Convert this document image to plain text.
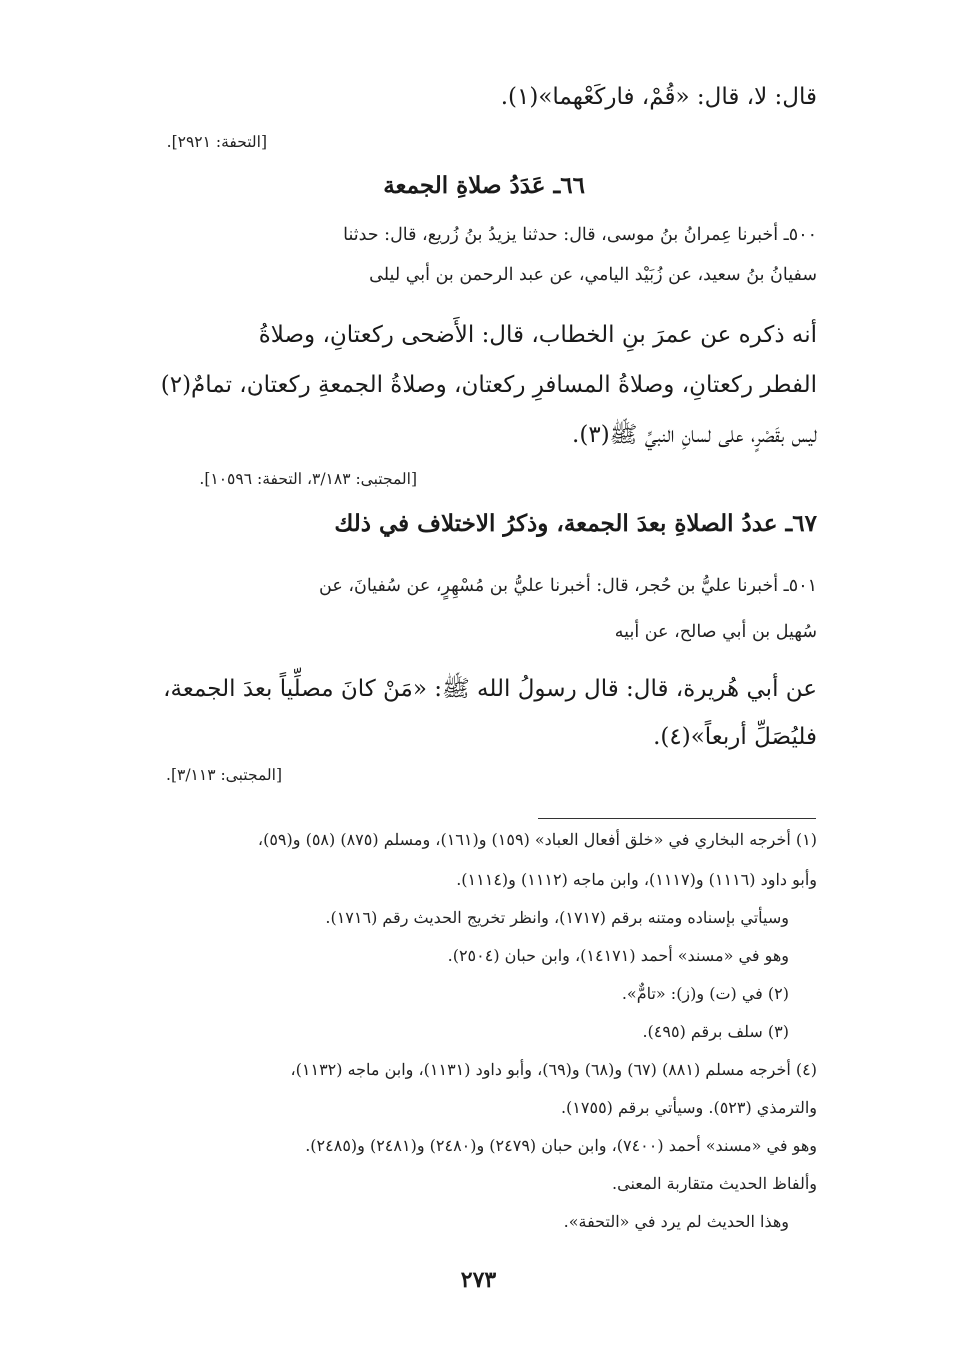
قال: لا، قال: «قُمْ، فاركَعْهما»(١).
[التحفة: ٢٩٢١].
٦٦ـ عَدَدُ صلاةِ الجمعة
٥٠٠ـ أخبرنا عِمرانُ بنُ موسى، قال: حدثنا يزيدُ بنُ زُريع، قال: حدثنا
سفيانُ بنُ سعيد، عن زُبَيْد اليامي، عن عبد الرحمن بن أبي ليلى
أنه ذكره عن عمرَ بنِ الخطاب، قال: الأَضحى ركعتانِ، وصلاةُ
الفطر ركعتانِ، وصلاةُ المسافرِ ركعتان، وصلاةُ الجمعةِ ركعتان، تمامٌ(٢)
ليس بقَصْرٍ، على لسانِ النبيِّ ﷺ(٣).
[المجتبى: ٣/١٨٣، التحفة: ١٠٥٩٦].
٦٧ـ عددُ الصلاةِ بعدَ الجمعة، وذكرُ الاختلاف في ذلك
٥٠١ـ أخبرنا عليُّ بن حُجر، قال: أخبرنا عليُّ بن مُسْهِرٍ، عن سُفيانَ، عن
سُهيل بن أبي صالح، عن أبيه
عن أبي هُريرة، قال: قال رسولُ الله ﷺ: «مَنْ كانَ مصلِّياً بعدَ الجمعة،
فليُصَلِّ أربعاً»(٤).
[المجتبى: ٣/١١٣].
(١) أخرجه البخاري في «خلق أفعال العباد» (١٥٩) و(١٦١)، ومسلم (٨٧٥) (٥٨) و(٥٩)،
وأبو داود (١١١٦) و(١١١٧)، وابن ماجه (١١١٢) و(١١١٤).
وسيأتي بإسناده ومتنه برقم (١٧١٧)، وانظر تخريج الحديث رقم (١٧١٦).
وهو في «مسند» أحمد (١٤١٧١)، وابن حبان (٢٥٠٤).
(٢) في (ت) و(ز): «تامٌّ».
(٣) سلف برقم (٤٩٥).
(٤) أخرجه مسلم (٨٨١) (٦٧) و(٦٨) و(٦٩)، وأبو داود (١١٣١)، وابن ماجه (١١٣٢)،
والترمذي (٥٢٣). وسيأتي برقم (١٧٥٥).
وهو في «مسند» أحمد (٧٤٠٠)، وابن حبان (٢٤٧٩) و(٢٤٨٠) و(٢٤٨١) و(٢٤٨٥).
وألفاظ الحديث متقاربة المعنى.
وهذا الحديث لم يرد في «التحفة».
٢٧٣
